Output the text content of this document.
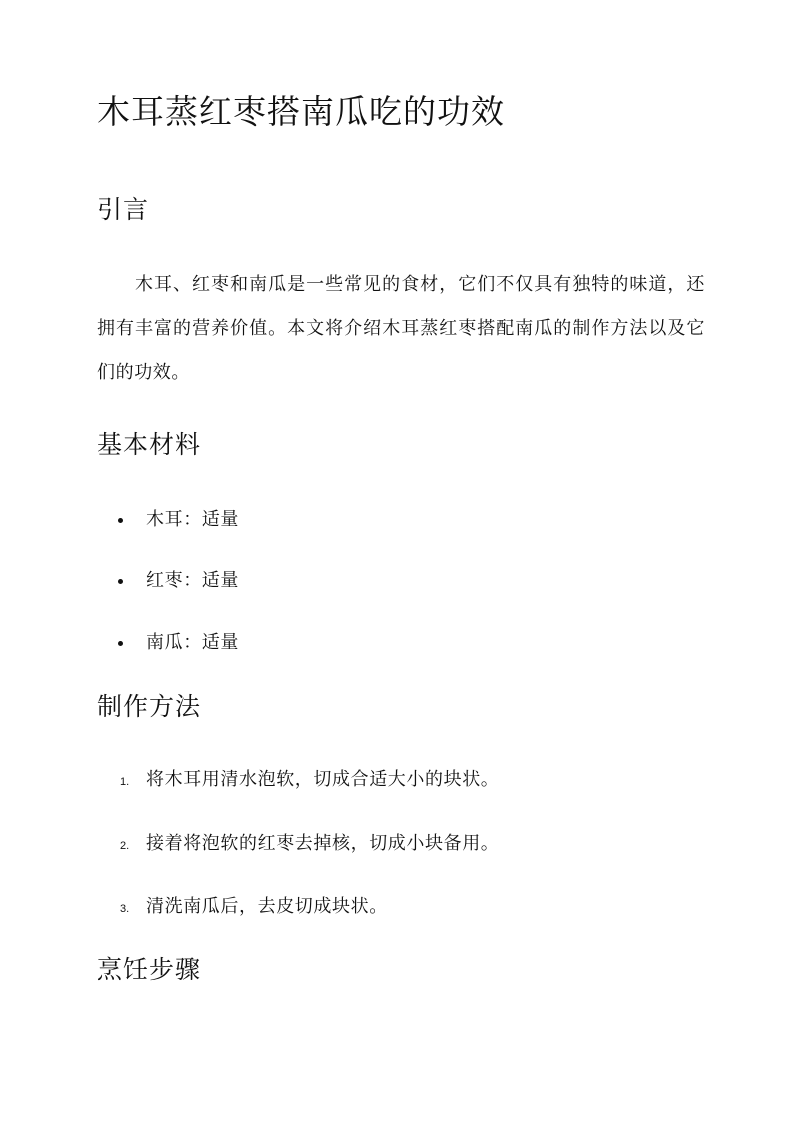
木耳蒸红枣搭南瓜吃的功效
引言

木耳、红枣和南瓜是一些常见的食材，它们不仅具有独特的味道，还拥有丰富的营养价值。本文将介绍木耳蒸红枣搭配南瓜的制作方法以及它们的功效。

基本材料
木耳：适量
红枣：适量
南瓜：适量
制作方法
1. 将木耳用清水泡软，切成合适大小的块状。
2. 接着将泡软的红枣去掉核，切成小块备用。
3. 清洗南瓜后，去皮切成块状。
烹饪步骤
